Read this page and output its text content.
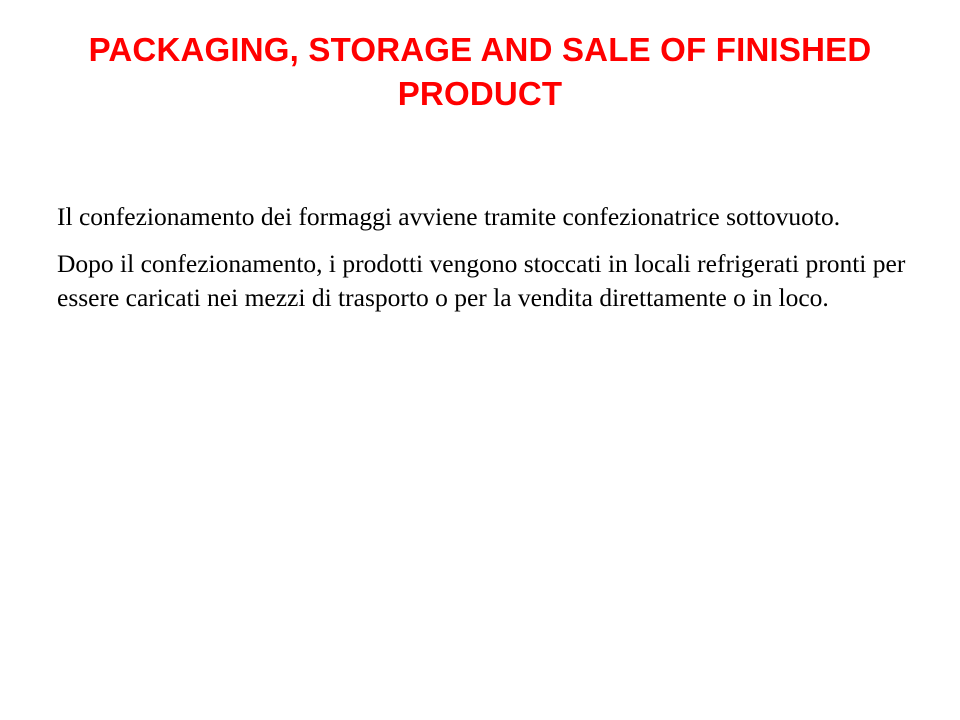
PACKAGING, STORAGE AND SALE OF FINISHED PRODUCT

Il confezionamento dei formaggi avviene tramite confezionatrice sottovuoto.

Dopo il confezionamento, i prodotti vengono stoccati in locali refrigerati pronti per essere caricati nei mezzi di trasporto o per la vendita direttamente o in loco.
